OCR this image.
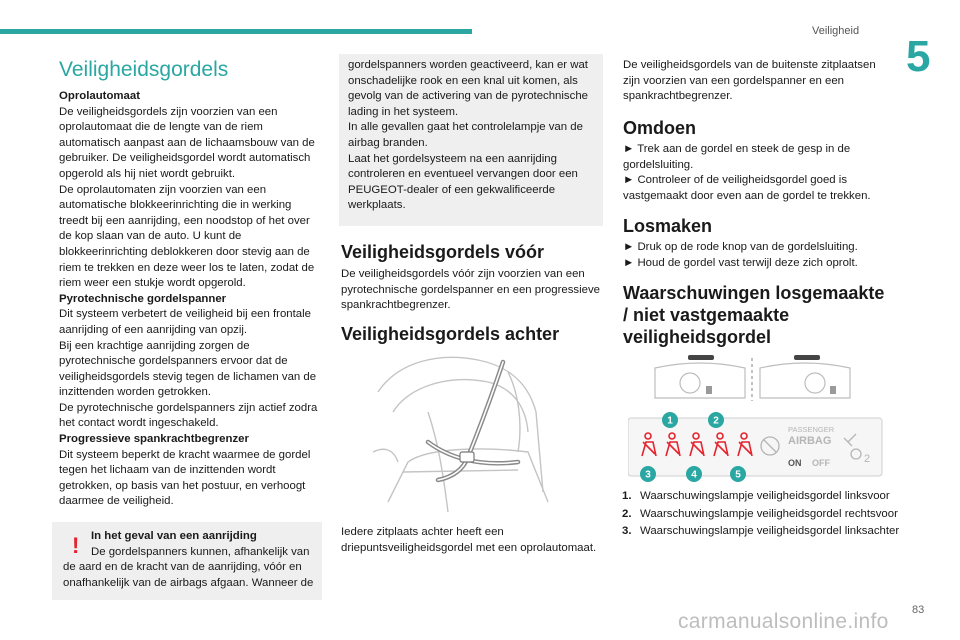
Veiligheid
5
Veiligheidsgordels

Oprolautomaat

De veiligheidsgordels zijn voorzien van een oprolautomaat die de lengte van de riem automatisch aanpast aan de lichaamsbouw van de gebruiker. De veiligheidsgordel wordt automatisch opgerold als hij niet wordt gebruikt.

De oprolautomaten zijn voorzien van een automatische blokkeerinrichting die in werking treedt bij een aanrijding, een noodstop of het over de kop slaan van de auto. U kunt de blokkeerinrichting deblokkeren door stevig aan de riem te trekken en deze weer los te laten, zodat de riem weer een stukje wordt opgerold.

Pyrotechnische gordelspanner

Dit systeem verbetert de veiligheid bij een frontale aanrijding of een aanrijding van opzij.

Bij een krachtige aanrijding zorgen de pyrotechnische gordelspanners ervoor dat de veiligheidsgordels stevig tegen de lichamen van de inzittenden worden getrokken.

De pyrotechnische gordelspanners zijn actief zodra het contact wordt ingeschakeld.

Progressieve spankrachtbegrenzer

Dit systeem beperkt de kracht waarmee de gordel tegen het lichaam van de inzittenden wordt getrokken, op basis van het postuur, en verhoogt daarmee de veiligheid.

!	In het geval van een aanrijding

De gordelspanners kunnen, afhankelijk van de aard en de kracht van de aanrijding, vóór en onafhankelijk van de airbags afgaan. Wanneer de

gordelspanners worden geactiveerd, kan er wat onschadelijke rook en een knal uit komen, als gevolg van de activering van de pyrotechnische lading in het systeem.

In alle gevallen gaat het controlelampje van de airbag branden.

Laat het gordelsysteem na een aanrijding controleren en eventueel vervangen door een PEUGEOT-dealer of een gekwalificeerde werkplaats.

Veiligheidsgordels vóór

De veiligheidsgordels vóór zijn voorzien van een pyrotechnische gordelspanner en een progressieve spankrachtbegrenzer.

Veiligheidsgordels achter

Iedere zitplaats achter heeft een driepuntsveiligheidsgordel met een oprolautomaat.

De veiligheidsgordels van de buitenste zitplaatsen zijn voorzien van een gordelspanner en een spankrachtbegrenzer.

Omdoen

► Trek aan de gordel en steek de gesp in de gordelsluiting.

► Controleer of de veiligheidsgordel goed is vastgemaakt door even aan de gordel te trekken.

Losmaken

► Druk op de rode knop van de gordelsluiting.

► Houd de gordel vast terwijl deze zich oprolt.

Waarschuwingen losgemaakte / niet vastgemaakte veiligheidsgordel
PASSENGER
AIRBAG
ON OFF	2
1	2
3	4	5
1. Waarschuwingslampje veiligheidsgordel linksvoor
2. Waarschuwingslampje veiligheidsgordel rechtsvoor
3. Waarschuwingslampje veiligheidsgordel linksachter
carmanualsonline.info 83
